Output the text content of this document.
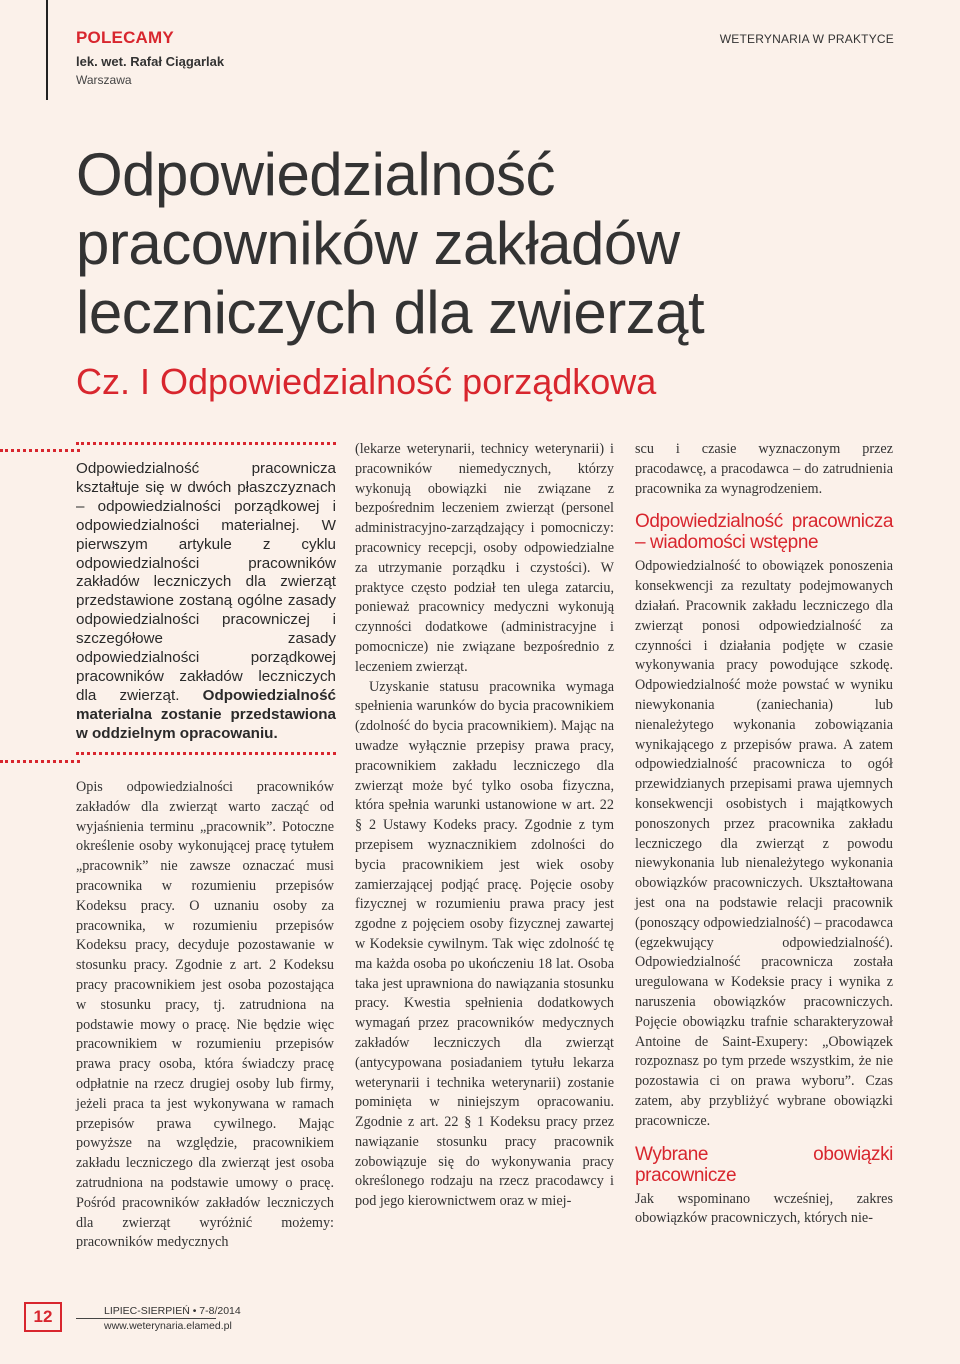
POLECAMY
lek. wet. Rafał Ciągarlak
Warszawa
WETERYNARIA W PRAKTYCE
Odpowiedzialność
pracowników zakładów
leczniczych dla zwierząt
Cz. I Odpowiedzialność porządkowa
Odpowiedzialność pracownicza kształtuje się w dwóch płaszczyznach – odpowiedzialności porządkowej i odpowiedzialności materialnej. W pierwszym artykule z cyklu odpowiedzialności pracowników zakładów leczniczych dla zwierząt przedstawione zostaną ogólne zasady odpowiedzialności pracowniczej i szczegółowe zasady odpowiedzialności porządkowej pracowników zakładów leczniczych dla zwierząt. Odpowiedzialność materialna zostanie przedstawiona w oddzielnym opracowaniu.

Opis odpowiedzialności pracowników zakładów dla zwierząt warto zacząć od wyjaśnienia terminu „pracownik”. Potoczne określenie osoby wykonującej pracę tytułem „pracownik” nie zawsze oznaczać musi pracownika w rozumieniu przepisów Kodeksu pracy. O uznaniu osoby za pracownika, w rozumieniu przepisów Kodeksu pracy, decyduje pozostawanie w stosunku pracy. Zgodnie z art. 2 Kodeksu pracy pracownikiem jest osoba pozostająca w stosunku pracy, tj. zatrudniona na podstawie mowy o pracę. Nie będzie więc pracownikiem w rozumieniu przepisów prawa pracy osoba, która świadczy pracę odpłatnie na rzecz drugiej osoby lub firmy, jeżeli praca ta jest wykonywana w ramach przepisów prawa cywilnego. Mając powyższe na względzie, pracownikiem zakładu leczniczego dla zwierząt jest osoba zatrudniona na podstawie umowy o pracę. Pośród pracowników zakładów leczniczych dla zwierząt wyróżnić możemy: pracowników medycznych

(lekarze weterynarii, technicy weterynarii) i pracowników niemedycznych, którzy wykonują obowiązki nie związane z bezpośrednim leczeniem zwierząt (personel administracyjno-zarządzający i pomocniczy: pracownicy recepcji, osoby odpowiedzialne za utrzymanie porządku i czystości). W praktyce często podział ten ulega zatarciu, ponieważ pracownicy medyczni wykonują czynności dodatkowe (administracyjne i pomocnicze) nie związane bezpośrednio z leczeniem zwierząt.

Uzyskanie statusu pracownika wymaga spełnienia warunków do bycia pracownikiem (zdolność do bycia pracownikiem). Mając na uwadze wyłącznie przepisy prawa pracy, pracownikiem zakładu leczniczego dla zwierząt może być tylko osoba fizyczna, która spełnia warunki ustanowione w art. 22 § 2 Ustawy Kodeks pracy. Zgodnie z tym przepisem wyznacznikiem zdolności do bycia pracownikiem jest wiek osoby zamierzającej podjąć pracę. Pojęcie osoby fizycznej w rozumieniu prawa pracy jest zgodne z pojęciem osoby fizycznej zawartej w Kodeksie cywilnym. Tak więc zdolność tę ma każda osoba po ukończeniu 18 lat. Osoba taka jest uprawniona do nawiązania stosunku pracy. Kwestia spełnienia dodatkowych wymagań przez pracowników medycznych zakładów leczniczych dla zwierząt (antycypowana posiadaniem tytułu lekarza weterynarii i technika weterynarii) zostanie pominięta w niniejszym opracowaniu. Zgodnie z art. 22 § 1 Kodeksu pracy przez nawiązanie stosunku pracy pracownik zobowiązuje się do wykonywania pracy określonego rodzaju na rzecz pracodawcy i pod jego kierownictwem oraz w miej-

scu i czasie wyznaczonym przez pracodawcę, a pracodawca – do zatrudnienia pracownika za wynagrodzeniem.

Odpowiedzialność pracownicza – wiadomości wstępne

Odpowiedzialność to obowiązek ponoszenia konsekwencji za rezultaty podejmowanych działań. Pracownik zakładu leczniczego dla zwierząt ponosi odpowiedzialność za czynności i działania podjęte w czasie wykonywania pracy powodujące szkodę. Odpowiedzialność może powstać w wyniku niewykonania (zaniechania) lub nienależytego wykonania zobowiązania wynikającego z przepisów prawa. A zatem odpowiedzialność pracownicza to ogół przewidzianych przepisami prawa ujemnych konsekwencji osobistych i majątkowych ponoszonych przez pracownika zakładu leczniczego dla zwierząt z powodu niewykonania lub nienależytego wykonania obowiązków pracowniczych. Ukształtowana jest ona na podstawie relacji pracownik (ponoszący odpowiedzialność) – pracodawca (egzekwujący odpowiedzialność). Odpowiedzialność pracownicza została uregulowana w Kodeksie pracy i wynika z naruszenia obowiązków pracowniczych. Pojęcie obowiązku trafnie scharakteryzował Antoine de Saint-Exupery: „Obowiązek rozpoznasz po tym przede wszystkim, że nie pozostawia ci on prawa wyboru”. Czas zatem, aby przybliżyć wybrane obowiązki pracownicze.

Wybrane obowiązki pracownicze

Jak wspominano wcześniej, zakres obowiązków pracowniczych, których nie-

12	LIPIEC-SIERPIEŃ • 7-8/2014
www.weterynaria.elamed.pl
